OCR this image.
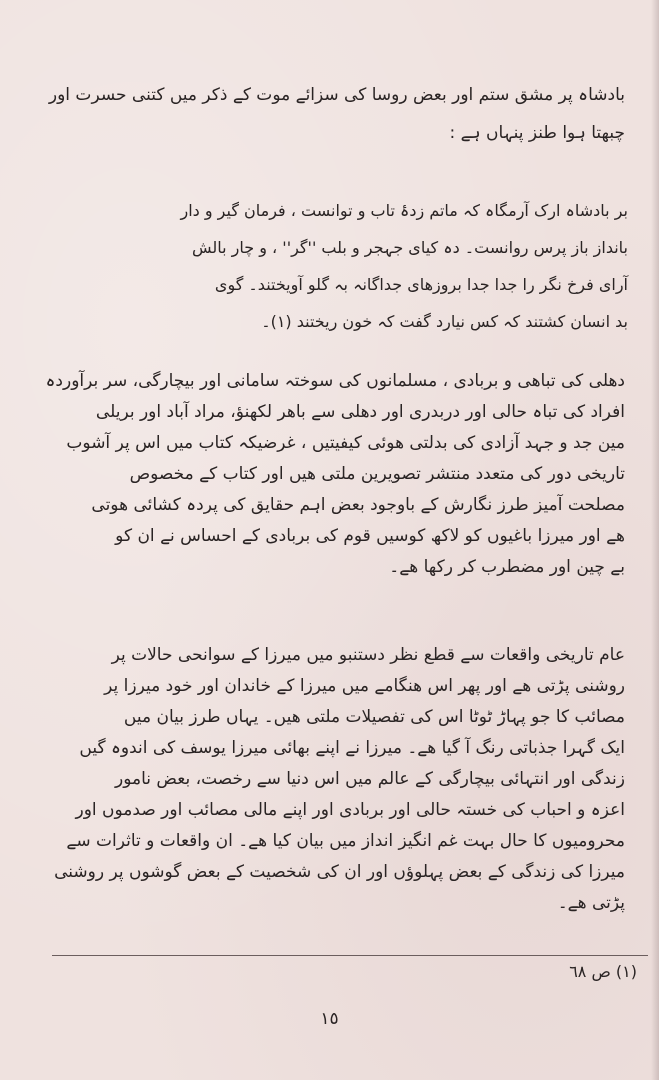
بادشاہ پر مشق ستم اور بعض روسا کی سزائے موت کے ذکر میں کتنی حسرت اور
چبھتا ہوا طنز پنہاں ہے :
بر بادشاہ ارک آرمگاہ کہ ماتم زدۂ تاب و توانست ، فرمان گیر و دار
بانداز باز پرس روانست۔ دہ کیای جہجر و بلب ''گر'' ، و چار بالش
آرای فرخ نگر را جدا جدا بروزھای جداگانہ بہ گلو آویختند۔ گوی
بد انسان کشتند کہ کس نیارد گفت کہ خون ریختند (۱)۔
دھلی کی تباھی و بربادی ، مسلمانوں کی سوختہ سامانی اور بیچارگی، سر برآوردہ
افراد کی تباہ حالی اور دربدری اور دھلی سے باھر لکھنؤ، مراد آباد اور بریلی
مین جد و جہد آزادی کی بدلتی ھوئی کیفیتیں ، غرضیکہ کتاب میں اس پر آشوب
تاریخی دور کی متعدد منتشر تصویرین ملتی ھیں اور کتاب کے مخصوص
مصلحت آمیز طرز نگارش کے باوجود بعض اہم حقایق کی پردہ کشائی ھوتی
ھے اور میرزا باغیوں کو لاکھ کوسیں قوم کی بربادی کے احساس نے ان کو
بے چین اور مضطرب کر رکھا ھے۔
عام تاریخی واقعات سے قطع نظر دستنبو میں میرزا کے سوانحی حالات پر
روشنی پڑتی ھے اور پھر اس ھنگامے میں میرزا کے خاندان اور خود میرزا پر
مصائب کا جو پہاڑ ٹوٹا اس کی تفصیلات ملتی ھیں۔ یہاں طرز بیان میں
ایک گہرا جذباتی رنگ آ گیا ھے۔ میرزا نے اپنے بھائی میرزا یوسف کی اندوہ گیں
زندگی اور انتہائی بیچارگی کے عالم میں اس دنیا سے رخصت، بعض نامور
اعزہ و احباب کی خستہ حالی اور بربادی اور اپنے مالی مصائب اور صدموں اور
محرومیوں کا حال بہت غم انگیز انداز میں بیان کیا ھے۔ ان واقعات و تاثرات سے
میرزا کی زندگی کے بعض پہلوؤں اور ان کی شخصیت کے بعض گوشوں پر روشنی
پڑتی ھے۔
(۱) ص ٦٨
١٥
